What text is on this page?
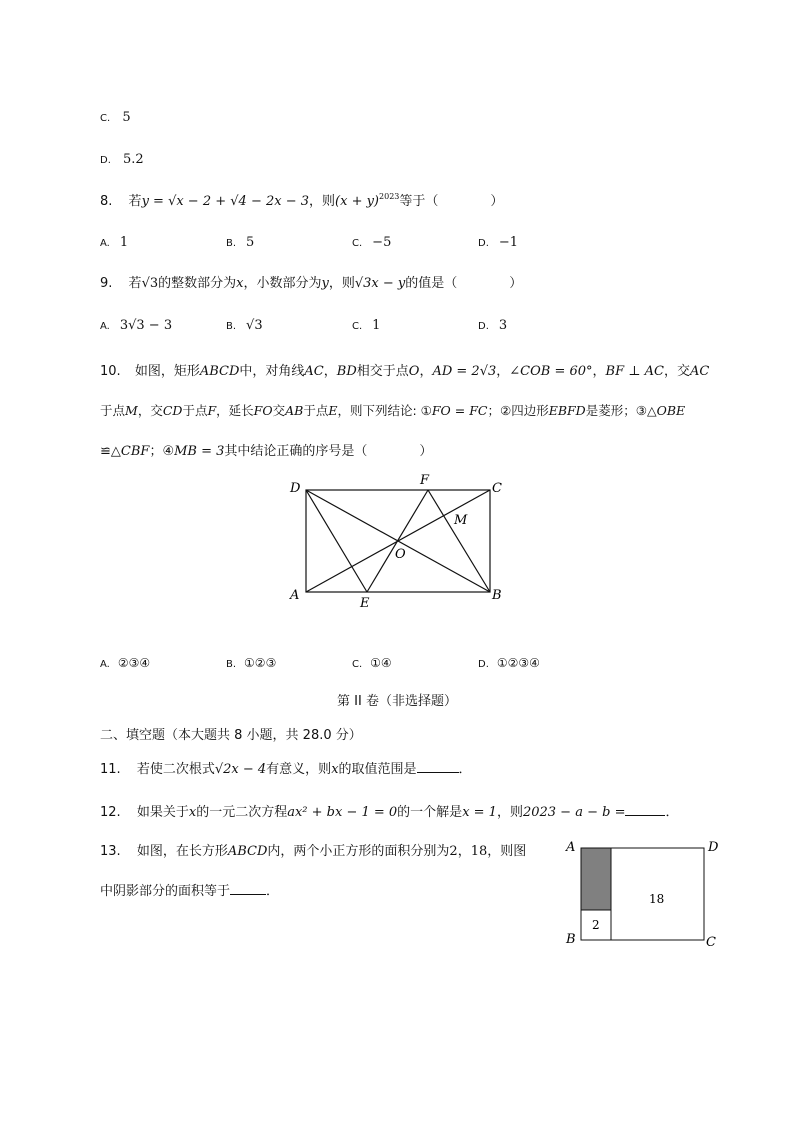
C. 5
D. 5.2
8. 若y = √x − 2 + √4 − 2x − 3，则$(x + y)^{2023}$等于（	）
A. 1	B. 5	C. −5	D. −1
9. 若√3的整数部分为x，小数部分为y，则√3x − y的值是（	）
A. 3√3 − 3	B. √3	C. 1	D. 3
10. 如图，矩形ABCD中，对角线AC，BD相交于点O，AD = 2√3，∠COB = 60°，BF ⊥ AC，交AC
于点M，交CD于点F，延长FO交AB于点E，则下列结论: ①FO = FC；②四边形EBFD是菱形；③△OBE
≌△CBF；④MB = 3其中结论正确的序号是（	）
D	C
A	B
E
F
M
O
A. ②③④	B. ①②③	C. ①④	D. ①②③④
第 II 卷（非选择题）
二、填空题（本大题共 8 小题，共 28.0 分）
11. 若使二次根式√2x − 4有意义，则x的取值范围是	．
12. 如果关于x的一元二次方程ax² + bx − 1 = 0的一个解是x = 1，则2023 − a − b =	．
13. 如图，在长方形ABCD内，两个小正方形的面积分别为2，18，则图
中阴影部分的面积等于	．
A	D
B	C
2
18
